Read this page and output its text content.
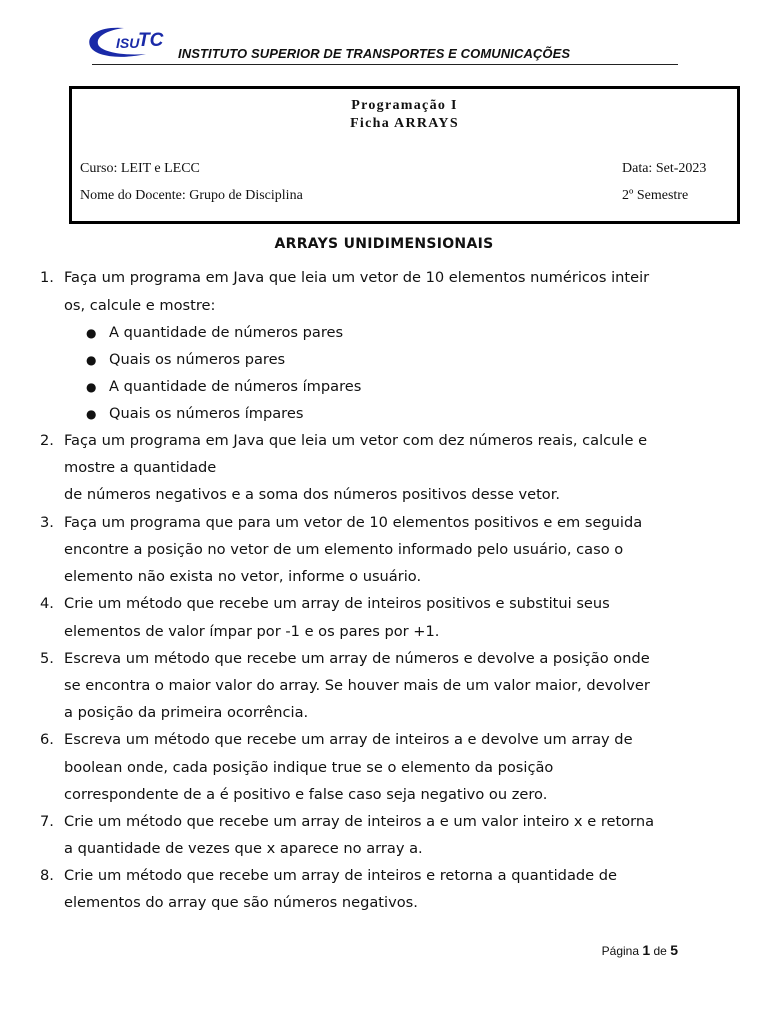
ISU
TC
INSTITUTO SUPERIOR DE TRANSPORTES E COMUNICAÇÕES
Programação I
Ficha ARRAYS
Curso: LEIT e LECC
Nome do Docente: Grupo de Disciplina
Data: Set-2023
2º Semestre
ARRAYS UNIDIMENSIONAIS
1. Faça um programa em Java que leia um vetor de 10 elementos numéricos inteir
os, calcule e mostre:
● A quantidade de números pares
● Quais os números pares
● A quantidade de números ímpares
● Quais os números ímpares
2. Faça um programa em Java que leia um vetor com dez números reais, calcule e
mostre a quantidade
de números negativos e a soma dos números positivos desse vetor.
3. Faça um programa que para um vetor de 10 elementos positivos e em seguida
encontre a posição no vetor de um elemento informado pelo usuário, caso o
elemento não exista no vetor, informe o usuário.
4. Crie um método que recebe um array de inteiros positivos e substitui seus
elementos de valor ímpar por -1 e os pares por +1.
5. Escreva um método que recebe um array de números e devolve a posição onde
se encontra o maior valor do array. Se houver mais de um valor maior, devolver
a posição da primeira ocorrência.
6. Escreva um método que recebe um array de inteiros a e devolve um array de
boolean onde, cada posição indique true se o elemento da posição
correspondente de a é positivo e false caso seja negativo ou zero.
7. Crie um método que recebe um array de inteiros a e um valor inteiro x e retorna
a quantidade de vezes que x aparece no array a.
8. Crie um método que recebe um array de inteiros e retorna a quantidade de
elementos do array que são números negativos.
Página 1 de 5
